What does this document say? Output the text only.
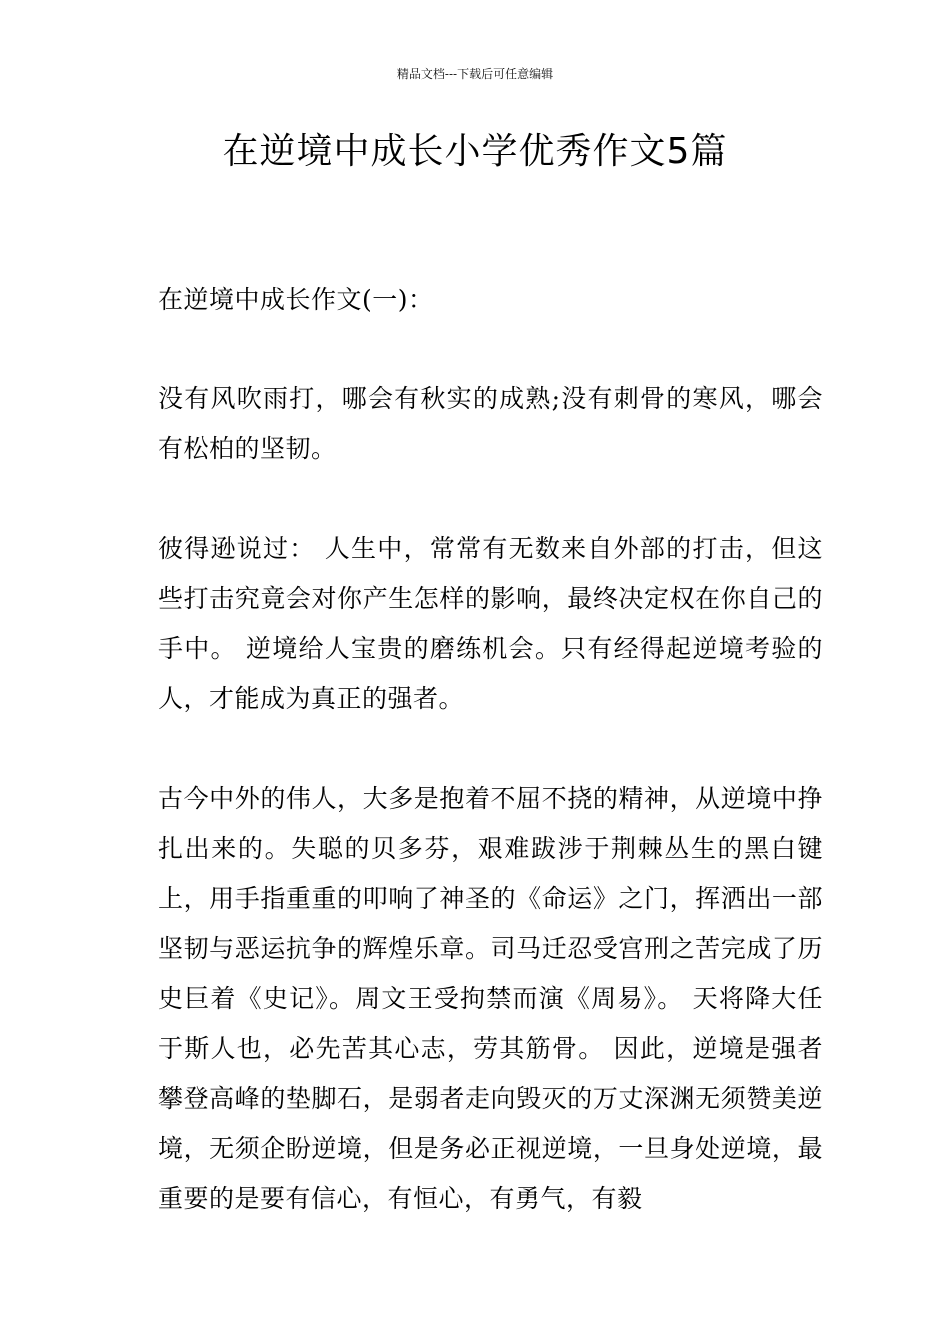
精品文档---下载后可任意编辑
在逆境中成长小学优秀作文5篇

在逆境中成长作文(一)：

没有风吹雨打，哪会有秋实的成熟;没有刺骨的寒风，哪会有松柏的坚韧。

彼得逊说过： 人生中，常常有无数来自外部的打击，但这些打击究竟会对你产生怎样的影响，最终决定权在你自己的手中。 逆境给人宝贵的磨练机会。只有经得起逆境考验的人，才能成为真正的强者。

古今中外的伟人，大多是抱着不屈不挠的精神，从逆境中挣扎出来的。失聪的贝多芬，艰难跋涉于荆棘丛生的黑白键上，用手指重重的叩响了神圣的《命运》之门，挥洒出一部坚韧与恶运抗争的辉煌乐章。司马迁忍受宫刑之苦完成了历史巨着《史记》。周文王受拘禁而演《周易》。 天将降大任于斯人也，必先苦其心志，劳其筋骨。 因此，逆境是强者攀登高峰的垫脚石，是弱者走向毁灭的万丈深渊无须赞美逆境，无须企盼逆境，但是务必正视逆境，一旦身处逆境，最重要的是要有信心，有恒心，有勇气，有毅
